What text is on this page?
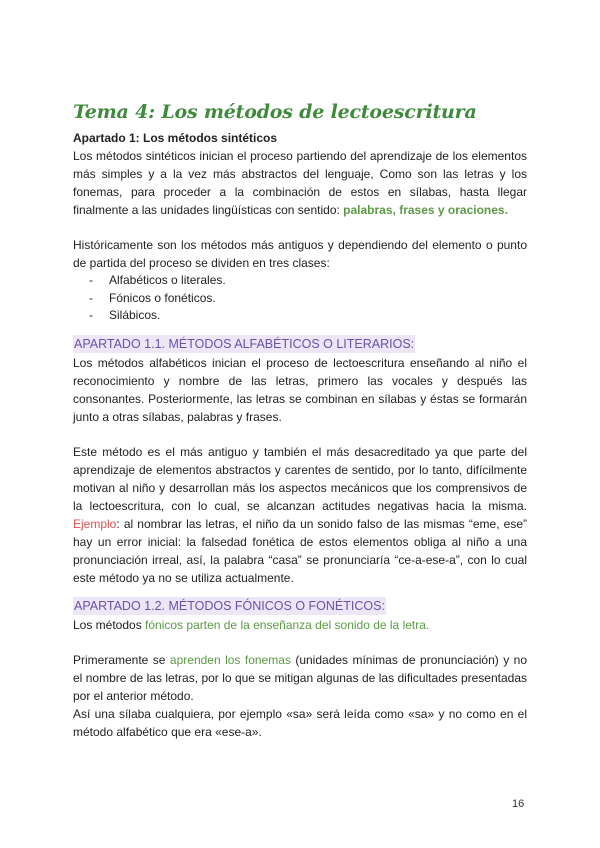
Tema 4: Los métodos de lectoescritura
Apartado 1: Los métodos sintéticos

Los métodos sintéticos inician el proceso partiendo del aprendizaje de los elementos más simples y a la vez más abstractos del lenguaje, Como son las letras y los fonemas, para proceder a la combinación de estos en sílabas, hasta llegar finalmente a las unidades lingüísticas con sentido: palabras, frases y oraciones.

Históricamente son los métodos más antiguos y dependiendo del elemento o punto de partida del proceso se dividen en tres clases:

- Alfabéticos o literales.
- Fónicos o fonéticos.
- Silábicos.
APARTADO 1.1. MÉTODOS ALFABÉTICOS O LITERARIOS:

Los métodos alfabéticos inician el proceso de lectoescritura enseñando al niño el reconocimiento y nombre de las letras, primero las vocales y después las consonantes. Posteriormente, las letras se combinan en sílabas y éstas se formarán junto a otras sílabas, palabras y frases.

Este método es el más antiguo y también el más desacreditado ya que parte del aprendizaje de elementos abstractos y carentes de sentido, por lo tanto, difícilmente motivan al niño y desarrollan más los aspectos mecánicos que los comprensivos de la lectoescritura, con lo cual, se alcanzan actitudes negativas hacia la misma. Ejemplo: al nombrar las letras, el niño da un sonido falso de las mismas “eme, ese” hay un error inicial: la falsedad fonética de estos elementos obliga al niño a una pronunciación irreal, así, la palabra “casa” se pronunciaría “ce-a-ese-a”, con lo cual este método ya no se utiliza actualmente.

APARTADO 1.2. MÉTODOS FÓNICOS O FONÉTICOS:

Los métodos fónicos parten de la enseñanza del sonido de la letra.

Primeramente se aprenden los fonemas (unidades mínimas de pronunciación) y no el nombre de las letras, por lo que se mitigan algunas de las dificultades presentadas por el anterior método.

Así una sílaba cualquiera, por ejemplo «sa» será leída como «sa» y no como en el método alfabético que era «ese-a».

16
